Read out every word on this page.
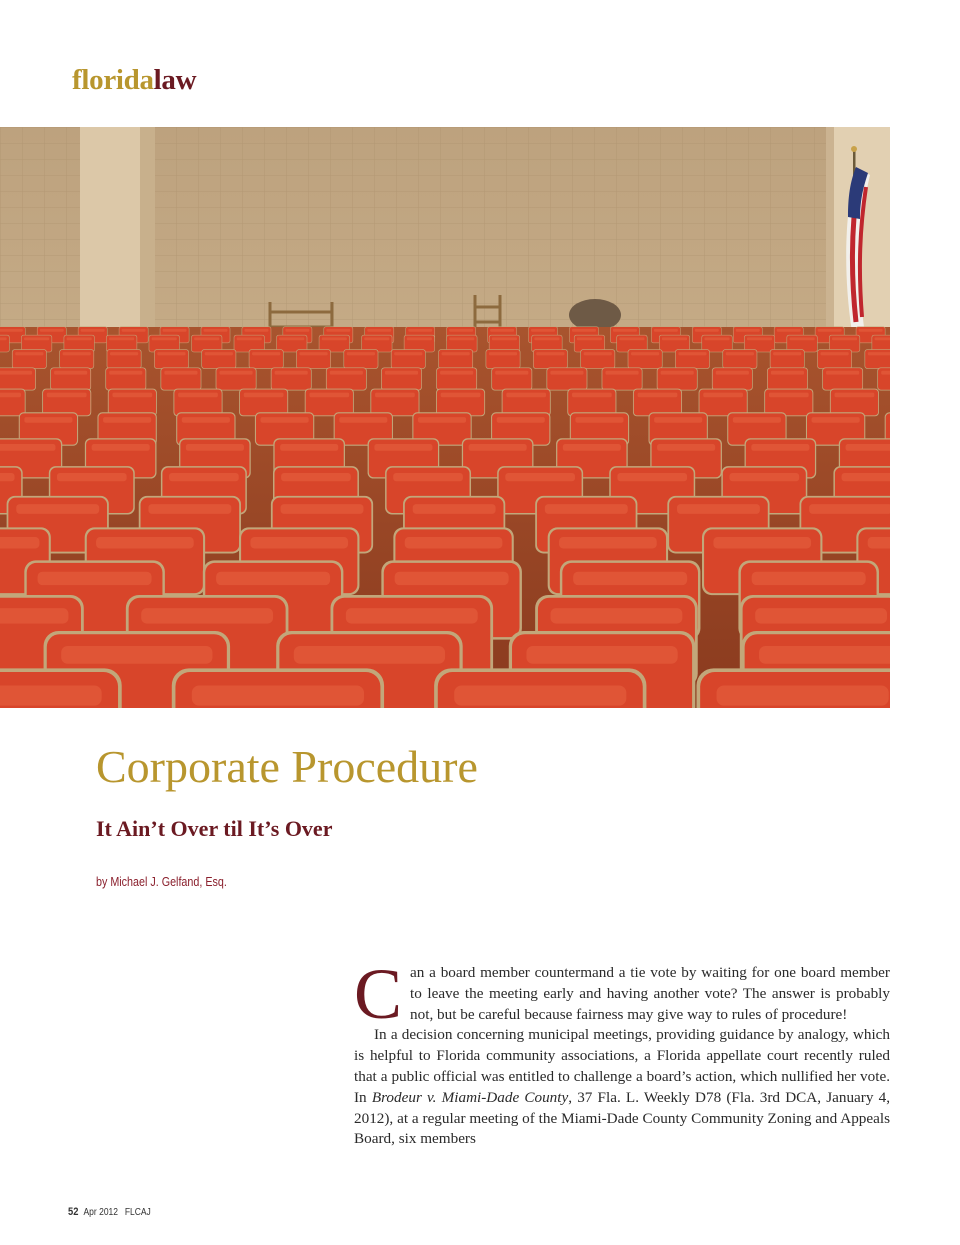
floridalaw
Corporate Procedure
It Ain’t Over til It’s Over
by Michael J. Gelfand, Esq.

Can a board member countermand a tie vote by waiting for one board member to leave the meeting early and having another vote? The answer is probably not, but be careful because fairness may give way to rules of procedure!

In a decision concerning municipal meetings, providing guidance by analogy, which is helpful to Florida community associations, a Florida appellate court recently ruled that a public official was entitled to challenge a board’s action, which nullified her vote. In Brodeur v. Miami-Dade County, 37 Fla. L. Weekly D78 (Fla. 3rd DCA, January 4, 2012), at a regular meeting of the Miami-Dade County Community Zoning and Appeals Board, six members

52 Apr 2012 FLCAJ
